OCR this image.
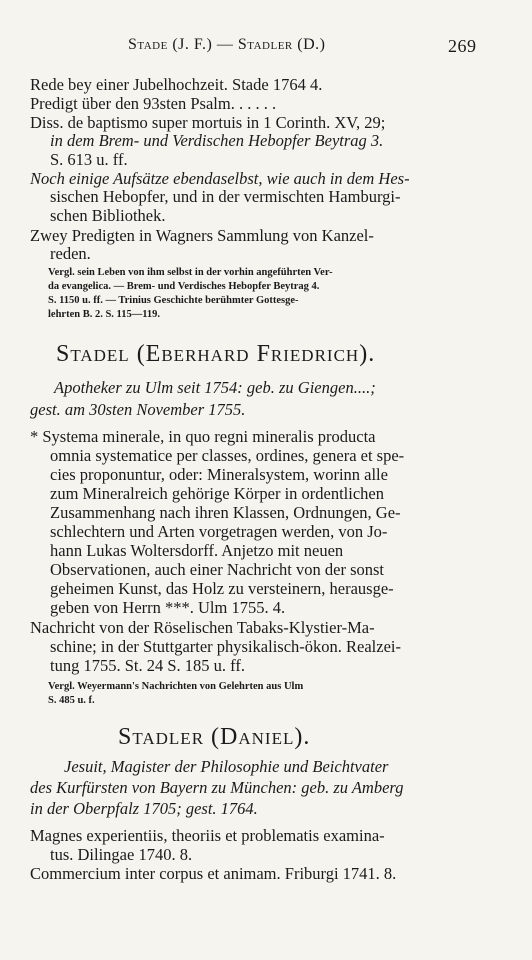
Stade (J. F.) — Stadler (D.)	269
Rede bey einer Jubelhochzeit. Stade 1764 4.
Predigt über den 93sten Psalm. . . . . .
Diss. de baptismo super mortuis in 1 Corinth. XV, 29;
in dem Brem- und Verdischen Hebopfer Beytrag 3.
S. 613 u. ff.
Noch einige Aufsätze ebendaselbst, wie auch in dem Hes-
sischen Hebopfer, und in der vermischten Hamburgi-
schen Bibliothek.
Zwey Predigten in Wagners Sammlung von Kanzel-
reden.
Vergl. sein Leben von ihm selbst in der vorhin angeführten Ver-
da evangelica. — Brem- und Verdisches Hebopfer Beytrag 4.
S. 1150 u. ff. — Trinius Geschichte berühmter Gottesge-
lehrten B. 2. S. 115—119.
Stadel (Eberhard Friedrich).
Apotheker zu Ulm seit 1754: geb. zu Giengen....;
gest. am 30sten November 1755.
* Systema minerale, in quo regni mineralis producta
omnia systematice per classes, ordines, genera et spe-
cies proponuntur, oder: Mineralsystem, worinn alle
zum Mineralreich gehörige Körper in ordentlichen
Zusammenhang nach ihren Klassen, Ordnungen, Ge-
schlechtern und Arten vorgetragen werden, von Jo-
hann Lukas Woltersdorff. Anjetzo mit neuen
Observationen, auch einer Nachricht von der sonst
geheimen Kunst, das Holz zu versteinern, herausge-
geben von Herrn ***. Ulm 1755. 4.
Nachricht von der Röselischen Tabaks-Klystier-Ma-
schine; in der Stuttgarter physikalisch-ökon. Realzei-
tung 1755. St. 24 S. 185 u. ff.
Vergl. Weyermann's Nachrichten von Gelehrten aus Ulm
S. 485 u. f.
Stadler (Daniel).
Jesuit, Magister der Philosophie und Beichtvater
des Kurfürsten von Bayern zu München: geb. zu Amberg
in der Oberpfalz 1705; gest. 1764.
Magnes experientiis, theoriis et problematis examina-
tus. Dilingae 1740. 8.
Commercium inter corpus et animam. Friburgi 1741. 8.
